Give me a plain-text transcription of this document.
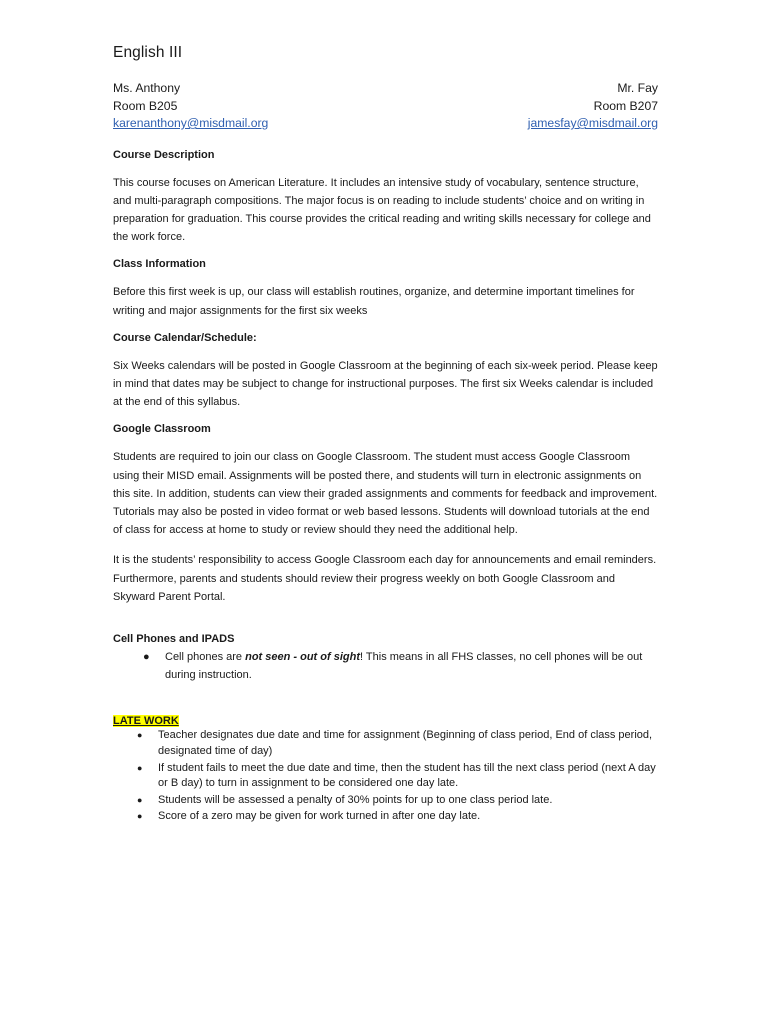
English III
Ms. Anthony
Room B205
karenanthony@misdmail.org
Mr. Fay
Room B207
jamesfay@misdmail.org
Course Description

This course focuses on American Literature. It includes an intensive study of vocabulary, sentence structure, and multi-paragraph compositions. The major focus is on reading to include students’ choice and on writing in preparation for graduation. This course provides the critical reading and writing skills necessary for college and the work force.

Class Information

Before this first week is up, our class will establish routines, organize, and determine important timelines for writing and major assignments for the first six weeks

Course Calendar/Schedule:

Six Weeks calendars will be posted in Google Classroom at the beginning of each six-week period. Please keep in mind that dates may be subject to change for instructional purposes. The first six Weeks calendar is included at the end of this syllabus.

Google Classroom

Students are required to join our class on Google Classroom. The student must access Google Classroom using their MISD email. Assignments will be posted there, and students will turn in electronic assignments on this site. In addition, students can view their graded assignments and comments for feedback and improvement. Tutorials may also be posted in video format or web based lessons. Students will download tutorials at the end of class for access at home to study or review should they need the additional help.

It is the students’ responsibility to access Google Classroom each day for announcements and email reminders. Furthermore, parents and students should review their progress weekly on both Google Classroom and Skyward Parent Portal.

Cell Phones and IPADS
●	Cell phones are not seen - out of sight! This means in all FHS classes, no cell phones will be out during instruction.
LATE WORK
●	Teacher designates due date and time for assignment (Beginning of class period, End of class period, designated time of day)
●	If student fails to meet the due date and time, then the student has till the next class period (next A day or B day) to turn in assignment to be considered one day late.
●	Students will be assessed a penalty of 30% points for up to one class period late.
●	Score of a zero may be given for work turned in after one day late.
